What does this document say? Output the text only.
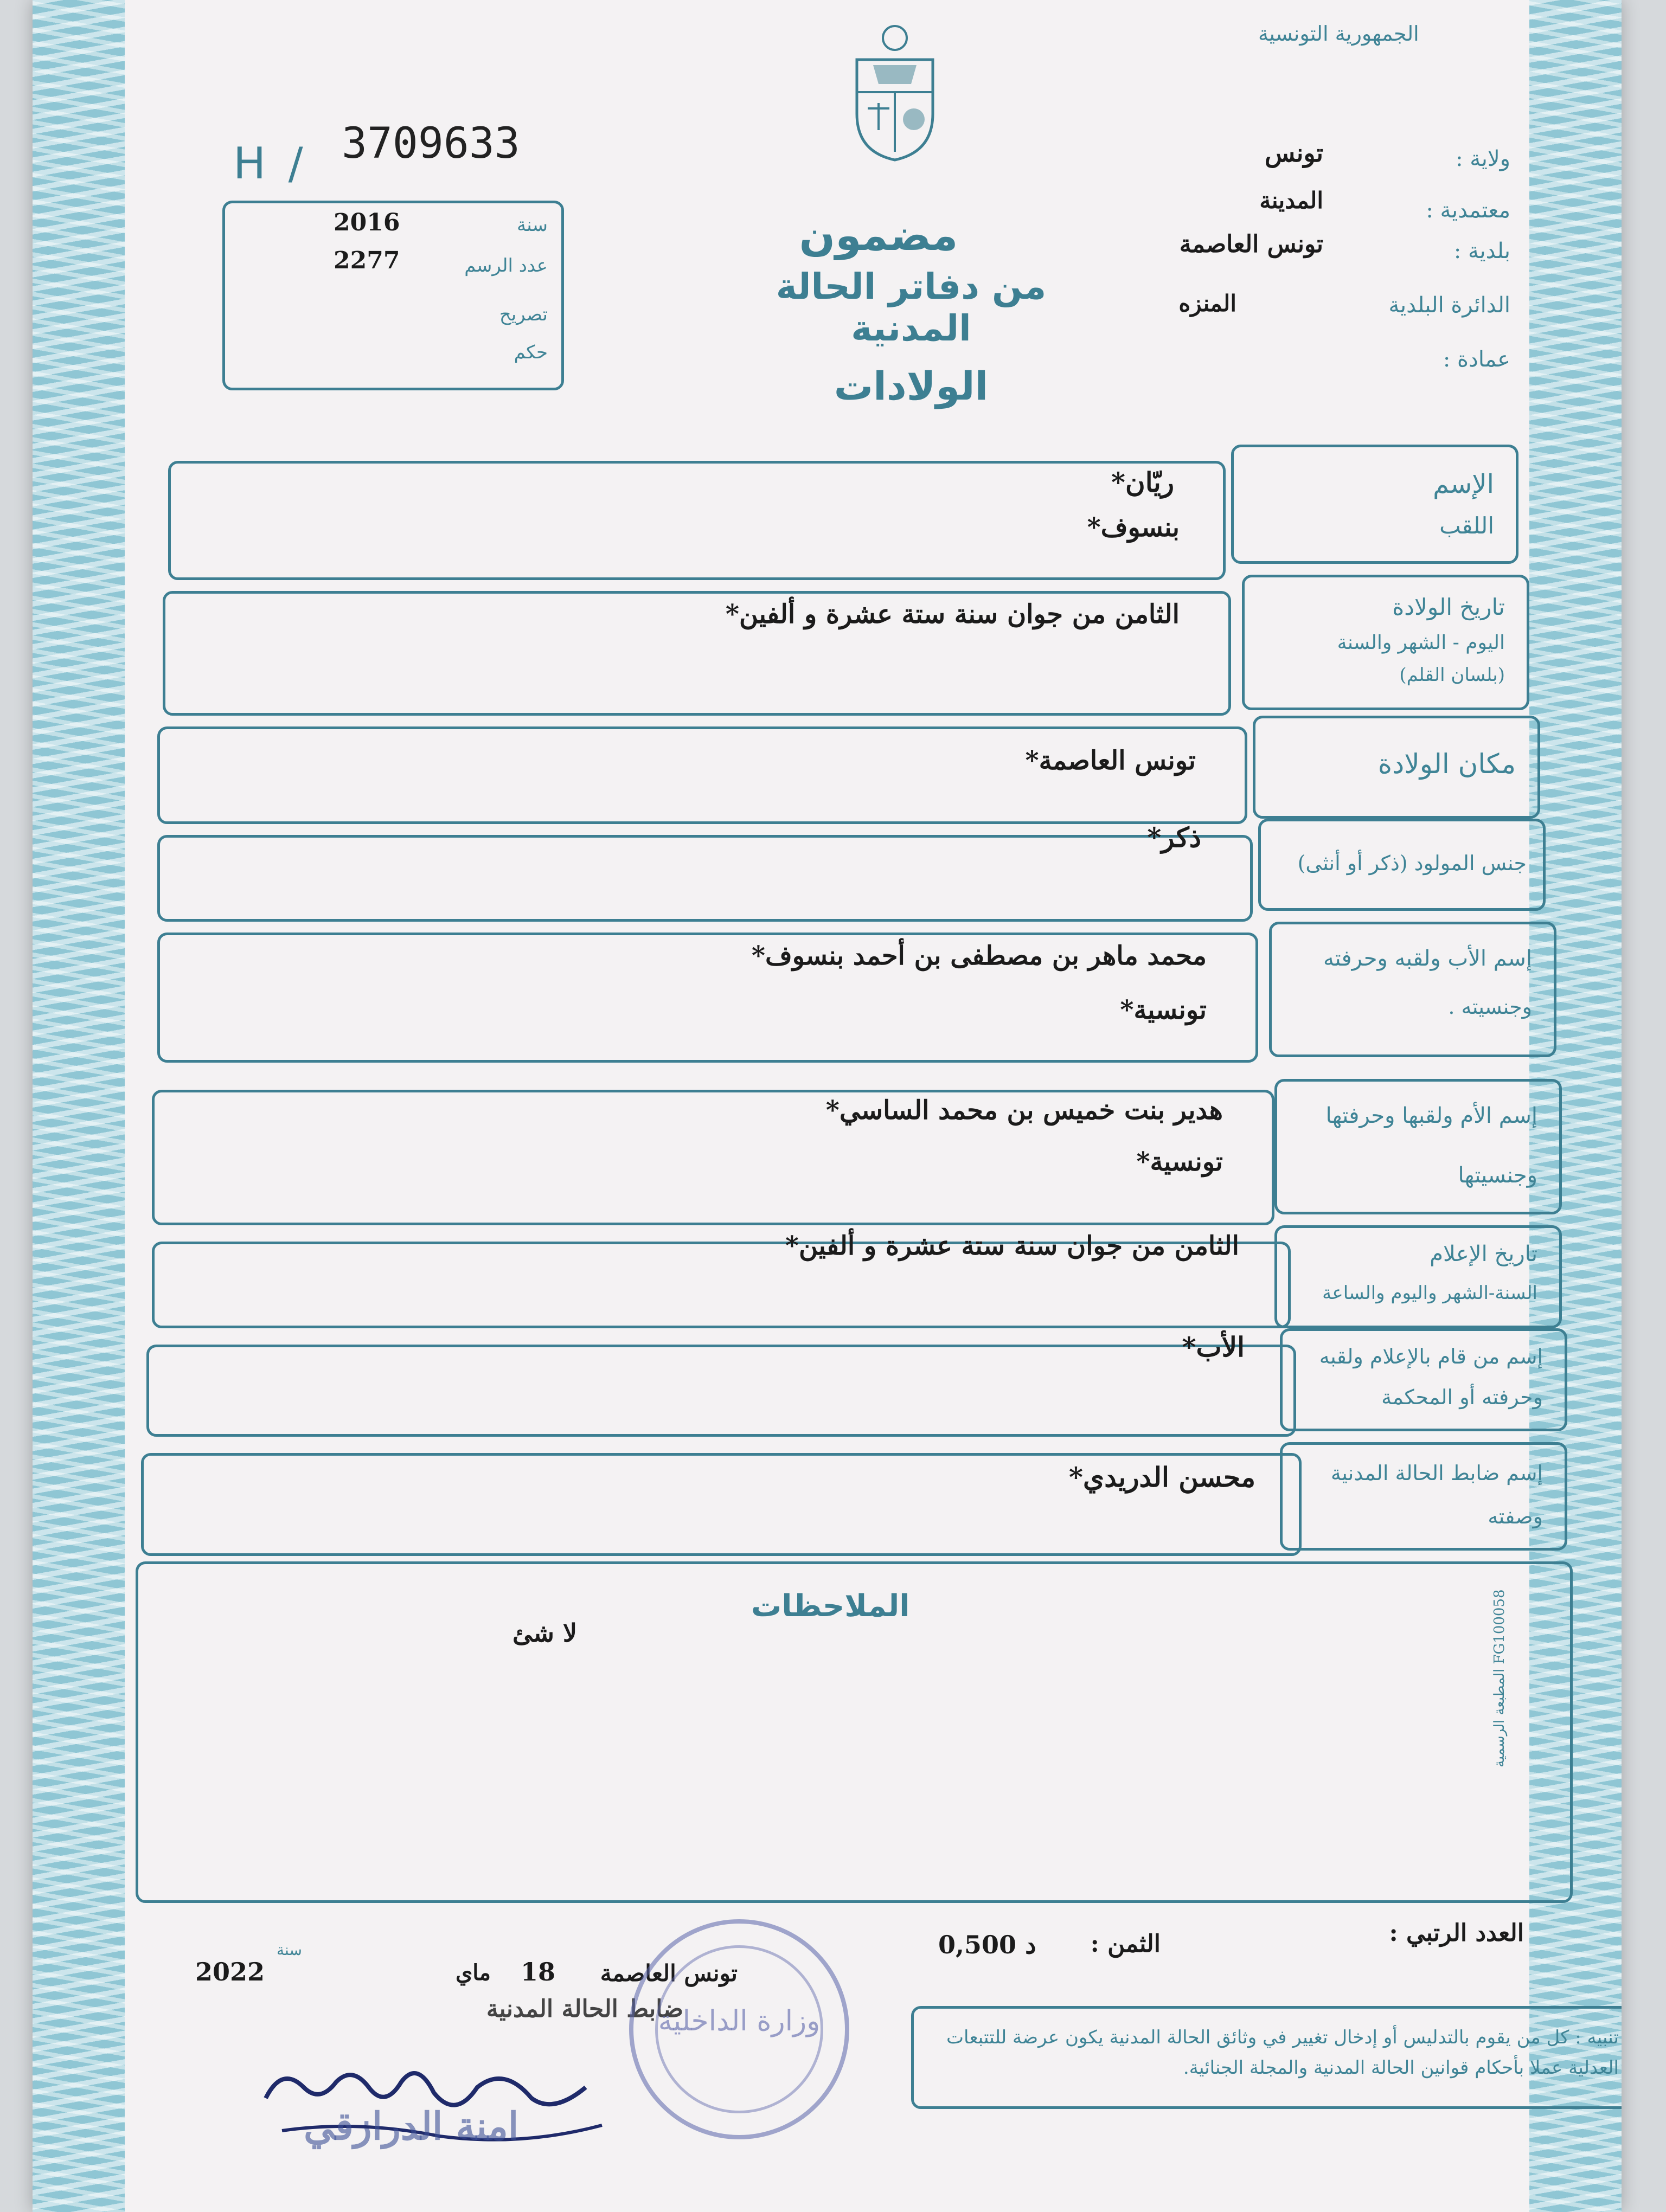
الجمهورية التونسية
H / 3709633
سنة
2016
عدد الرسم
2277
تصريح
حكم
مضمون
من دفاتر الحالة المدنية
الولادات
ولاية :
تونس
معتمدية :
المدينة
بلدية :
تونس العاصمة
الدائرة البلدية
المنزه
عمادة :
الإسم
اللقب
ريّان*
بنسوف*
تاريخ الولادة
اليوم - الشهر والسنة
(بلسان القلم)
الثامن من جوان سنة ستة عشرة و ألفين*
مكان الولادة
تونس العاصمة*
جنس المولود (ذكر أو أنثى)
ذكر*
إسم الأب ولقبه وحرفته
وجنسيته .
محمد ماهر بن مصطفى بن أحمد بنسوف*
تونسية*
إسم الأم ولقبها وحرفتها
وجنسيتها
هدير بنت خميس بن محمد الساسي*
تونسية*
تاريخ الإعلام
السنة-الشهر واليوم والساعة
الثامن من جوان سنة ستة عشرة و ألفين*
إسم من قام بالإعلام ولقبه
وحرفته أو المحكمة
الأب*
إسم ضابط الحالة المدنية
وصفته
محسن الدريدي*
الملاحظات
لا شئ
المطبعة الرسمية FG100058
العدد الرتبي :
الثمن :
0,500 د
تونس العاصمة
18
ماي
سنة
2022
ضابط الحالة المدنية
امنة الدرازقي
وزارة الداخلية	تنبيه : كل من يقوم بالتدليس أو إدخال تغيير في وثائق الحالة المدنية يكون عرضة للتتبعات العدلية عملا بأحكام قوانين الحالة المدنية والمجلة الجنائية.
